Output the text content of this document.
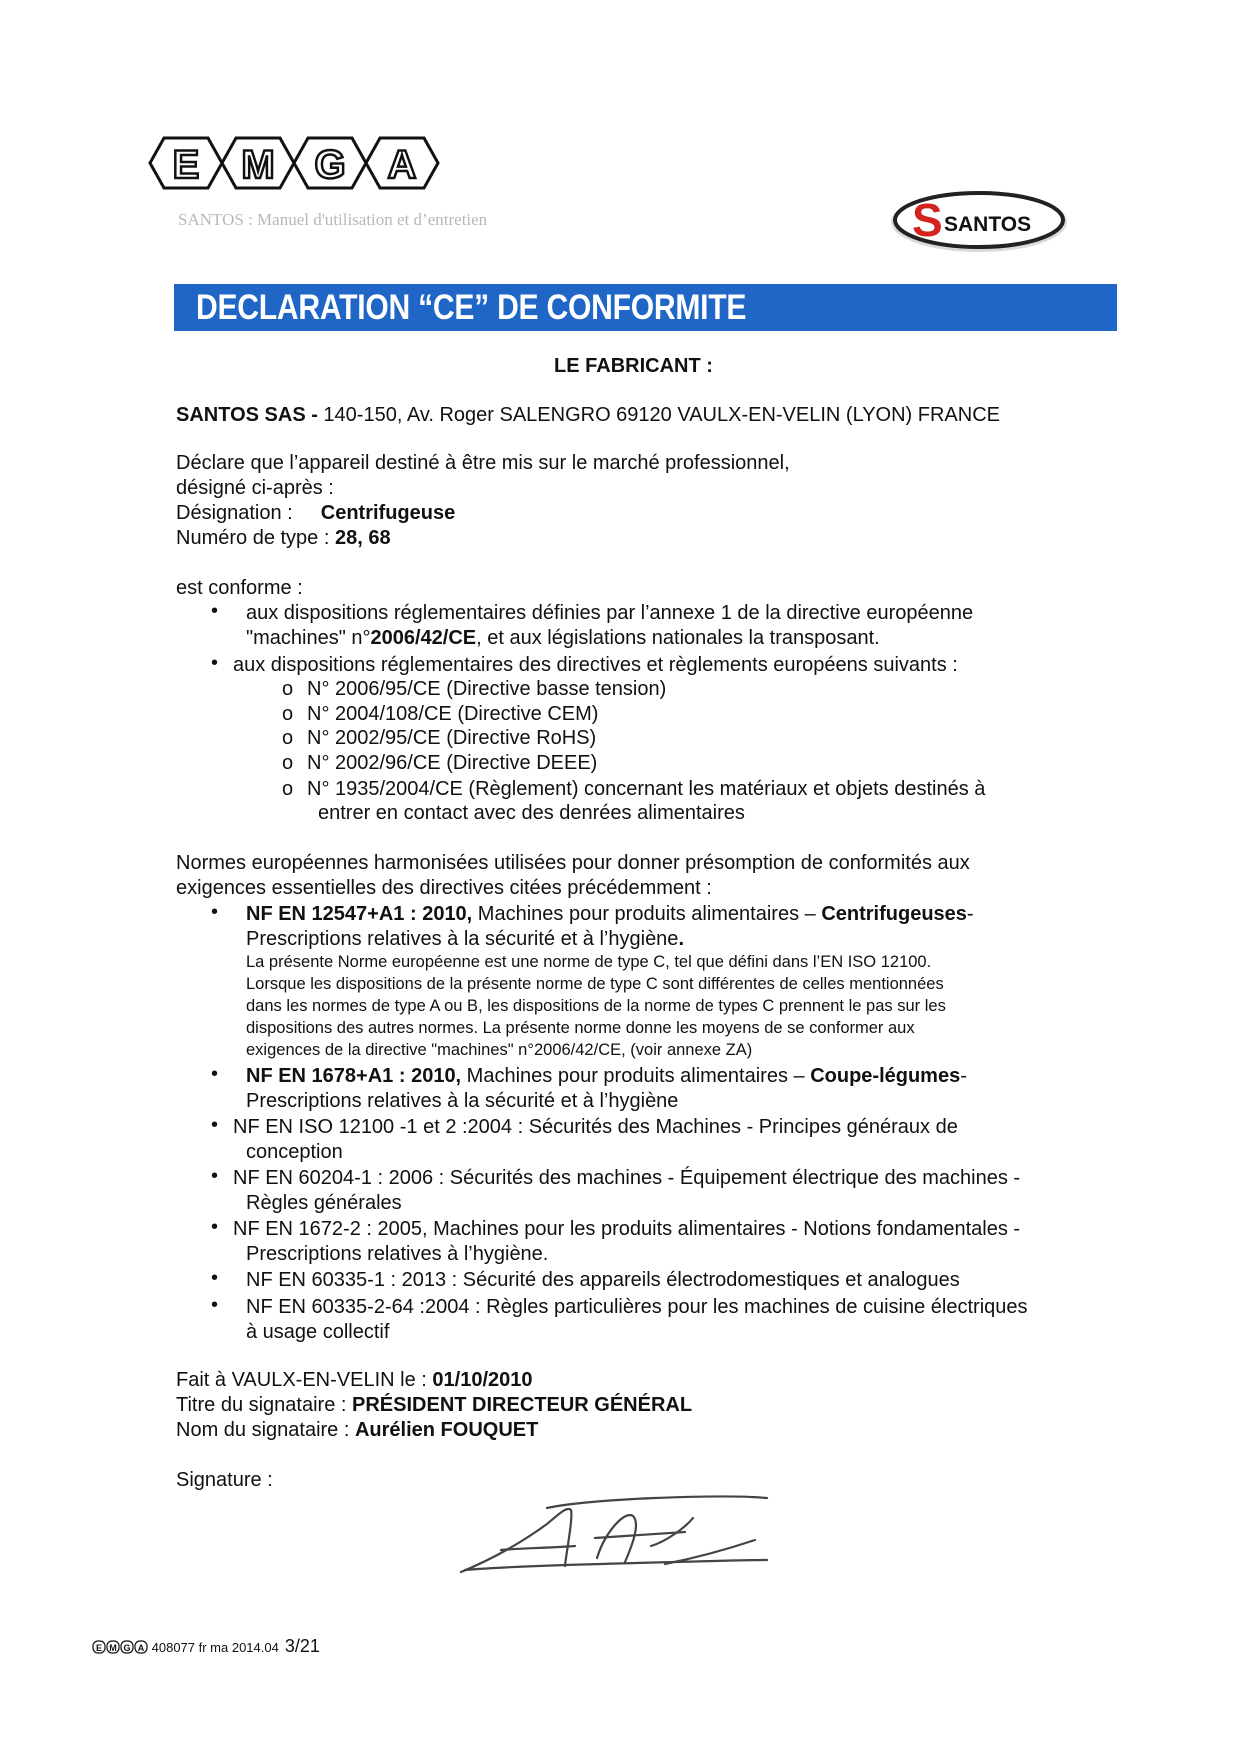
E M G A
SANTOS : Manuel d'utilisation et d’entretien	S SANTOS
DECLARATION “CE” DE CONFORMITE
LE FABRICANT :
SANTOS SAS - 140-150, Av. Roger SALENGRO 69120 VAULX-EN-VELIN (LYON) FRANCE
Déclare que l’appareil destiné à être mis sur le marché professionnel,
désigné ci-après :
Désignation : Centrifugeuse
Numéro de type : 28, 68
est conforme :
• aux dispositions réglementaires définies par l’annexe 1 de la directive européenne
"machines" n°2006/42/CE, et aux législations nationales la transposant.
• aux dispositions réglementaires des directives et règlements européens suivants :
o N° 2006/95/CE (Directive basse tension)
o N° 2004/108/CE (Directive CEM)
o N° 2002/95/CE (Directive RoHS)
o N° 2002/96/CE (Directive DEEE)
o N° 1935/2004/CE (Règlement) concernant les matériaux et objets destinés à
entrer en contact avec des denrées alimentaires
Normes européennes harmonisées utilisées pour donner présomption de conformités aux
exigences essentielles des directives citées précédemment :
• NF EN 12547+A1 : 2010, Machines pour produits alimentaires – Centrifugeuses-
Prescriptions relatives à la sécurité et à l’hygiène.
La présente Norme européenne est une norme de type C, tel que défini dans l’EN ISO 12100.
Lorsque les dispositions de la présente norme de type C sont différentes de celles mentionnées
dans les normes de type A ou B, les dispositions de la norme de types C prennent le pas sur les
dispositions des autres normes. La présente norme donne les moyens de se conformer aux
exigences de la directive "machines" n°2006/42/CE, (voir annexe ZA)
• NF EN 1678+A1 : 2010, Machines pour produits alimentaires – Coupe-légumes-
Prescriptions relatives à la sécurité et à l’hygiène
• NF EN ISO 12100 -1 et 2 :2004 : Sécurités des Machines - Principes généraux de
conception
• NF EN 60204-1 : 2006 : Sécurités des machines - Équipement électrique des machines -
Règles générales
• NF EN 1672-2 : 2005, Machines pour les produits alimentaires - Notions fondamentales -
Prescriptions relatives à l’hygiène.
• NF EN 60335-1 : 2013 : Sécurité des appareils électrodomestiques et analogues
• NF EN 60335-2-64 :2004 : Règles particulières pour les machines de cuisine électriques
à usage collectif
Fait à VAULX-EN-VELIN le : 01/10/2010
Titre du signataire : PRÉSIDENT DIRECTEUR GÉNÉRAL
Nom du signataire : Aurélien FOUQUET
Signature :
E M G A 408077 fr ma 2014.04 3/21
